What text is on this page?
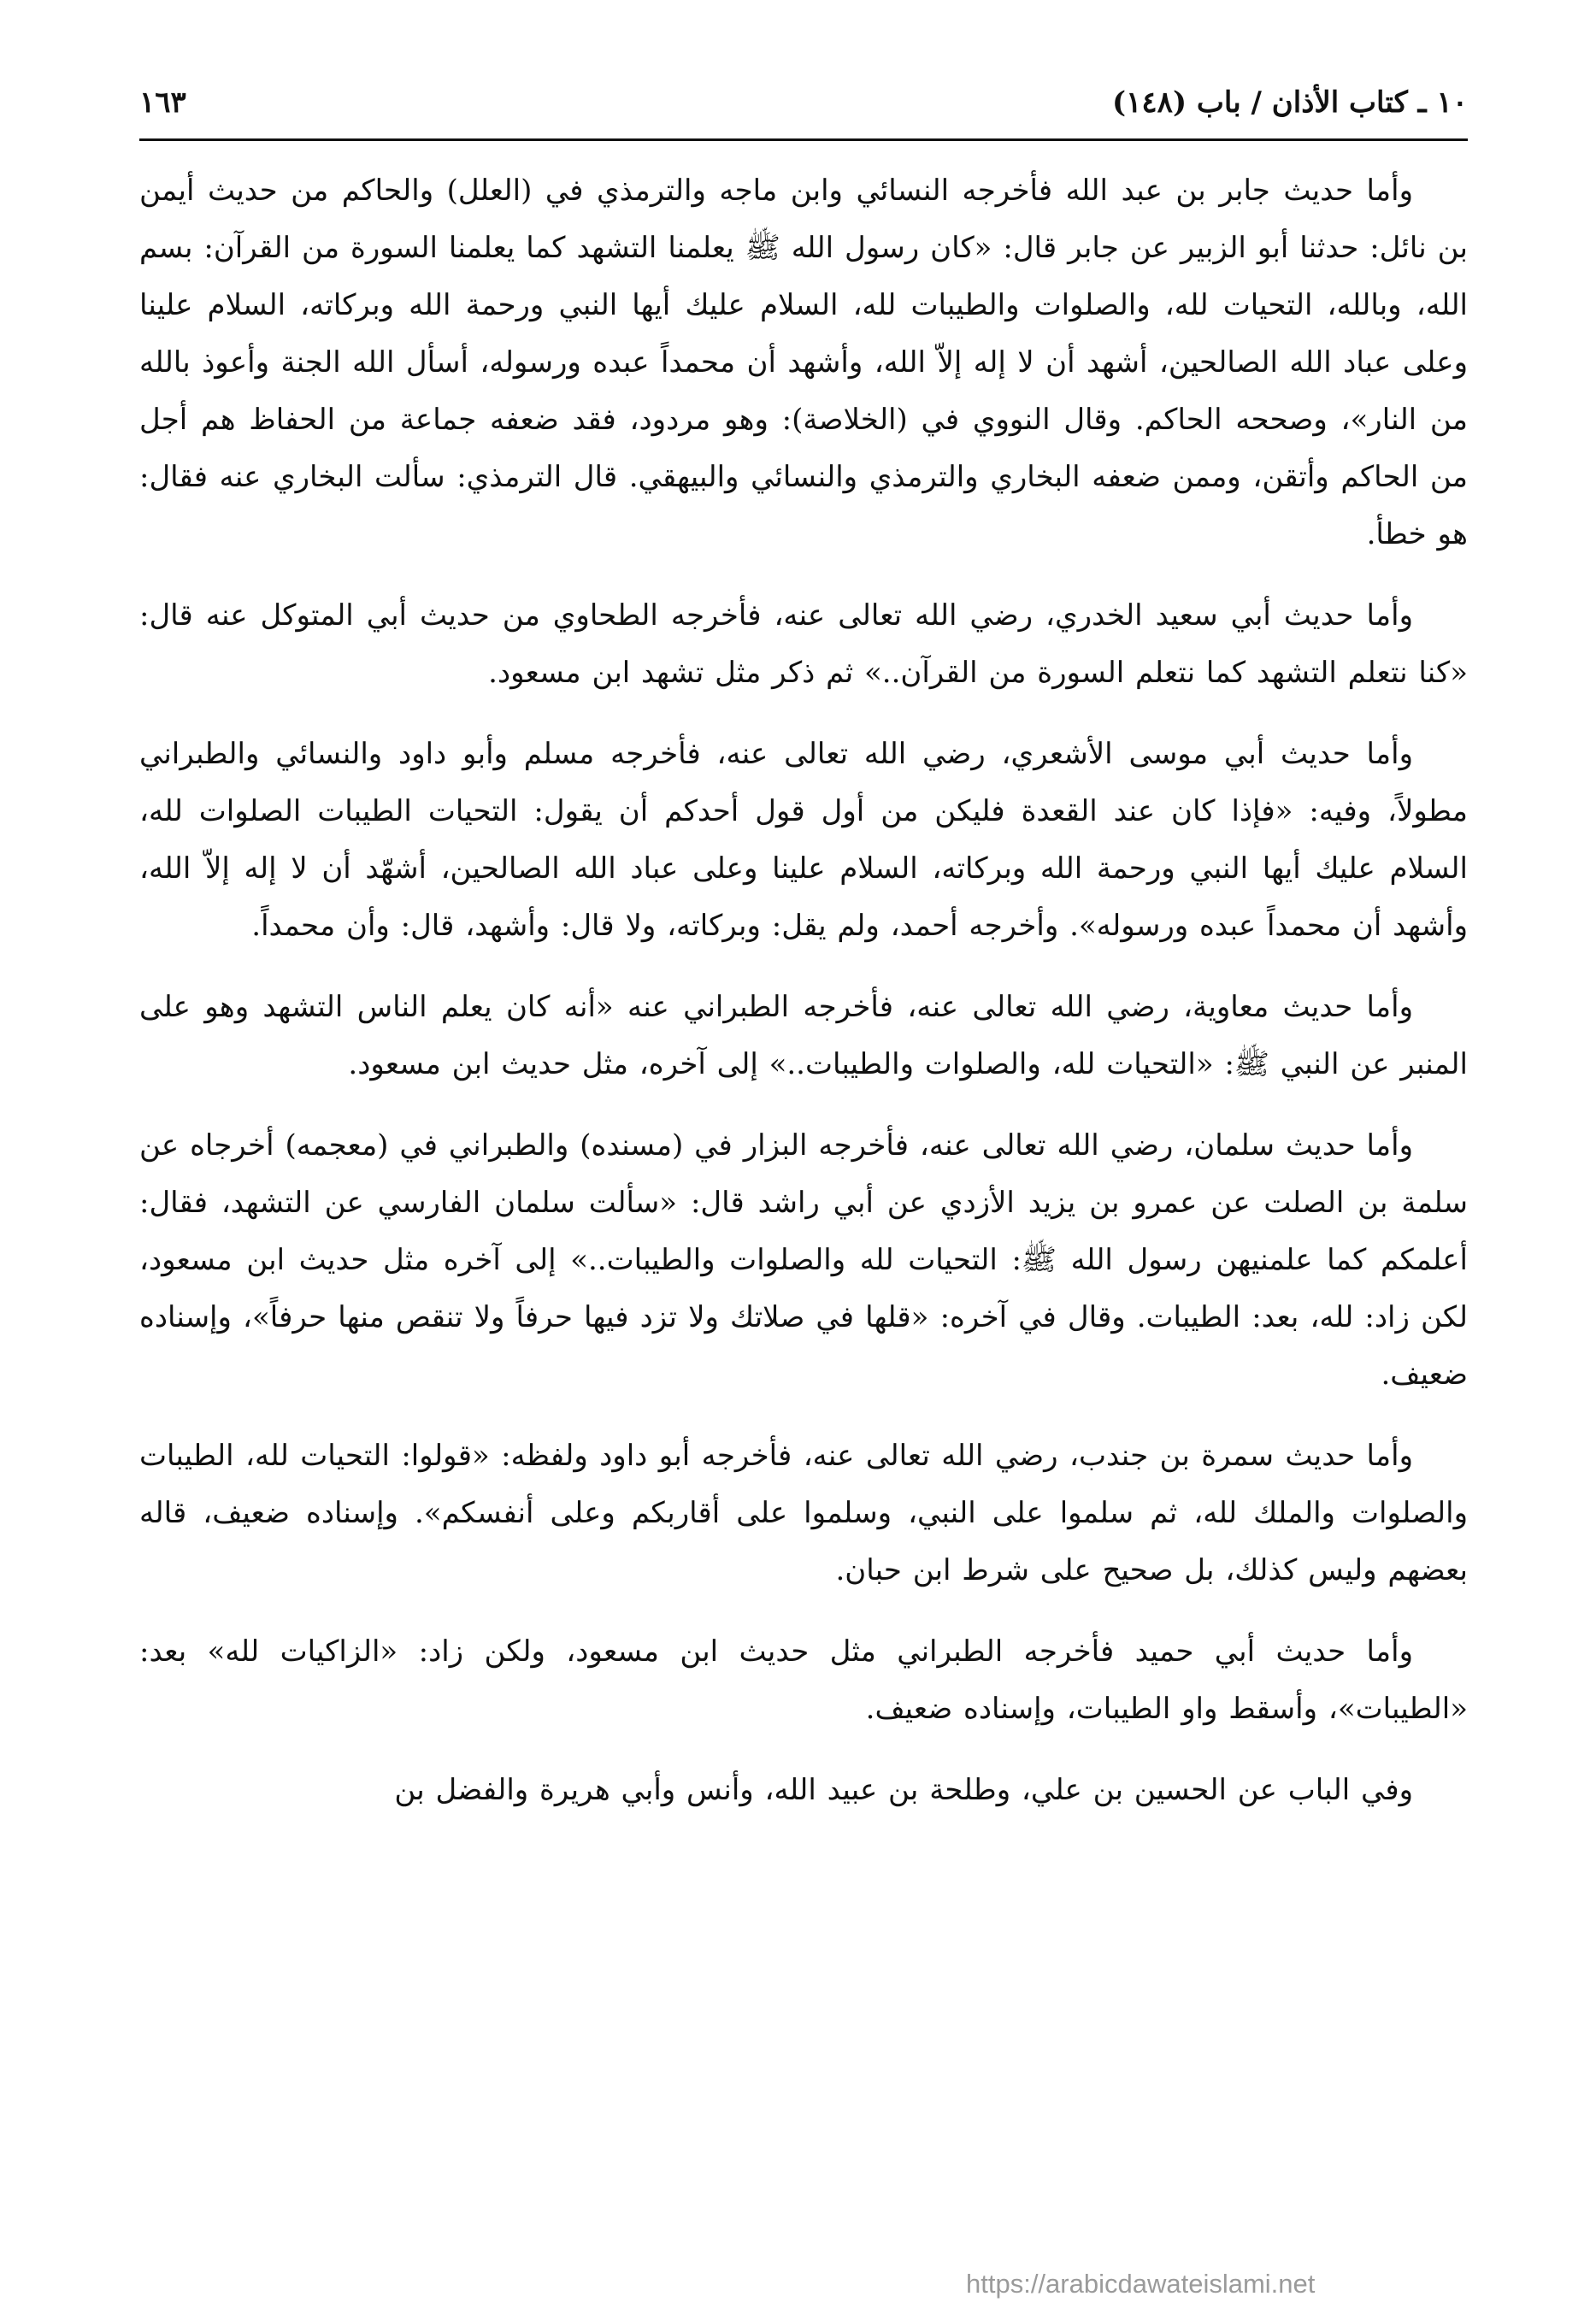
١٠ ـ كتاب الأذان / باب (١٤٨)
١٦٣

وأما حديث جابر بن عبد الله فأخرجه النسائي وابن ماجه والترمذي في (العلل) والحاكم من حديث أيمن بن نائل: حدثنا أبو الزبير عن جابر قال: «كان رسول الله ﷺ يعلمنا التشهد كما يعلمنا السورة من القرآن: بسم الله، وبالله، التحيات لله، والصلوات والطيبات لله، السلام عليك أيها النبي ورحمة الله وبركاته، السلام علينا وعلى عباد الله الصالحين، أشهد أن لا إله إلاّ الله، وأشهد أن محمداً عبده ورسوله، أسأل الله الجنة وأعوذ بالله من النار»، وصححه الحاكم. وقال النووي في (الخلاصة): وهو مردود، فقد ضعفه جماعة من الحفاظ هم أجل من الحاكم وأتقن، وممن ضعفه البخاري والترمذي والنسائي والبيهقي. قال الترمذي: سألت البخاري عنه فقال: هو خطأ.

وأما حديث أبي سعيد الخدري، رضي الله تعالى عنه، فأخرجه الطحاوي من حديث أبي المتوكل عنه قال: «كنا نتعلم التشهد كما نتعلم السورة من القرآن..» ثم ذكر مثل تشهد ابن مسعود.

وأما حديث أبي موسى الأشعري، رضي الله تعالى عنه، فأخرجه مسلم وأبو داود والنسائي والطبراني مطولاً، وفيه: «فإذا كان عند القعدة فليكن من أول قول أحدكم أن يقول: التحيات الطيبات الصلوات لله، السلام عليك أيها النبي ورحمة الله وبركاته، السلام علينا وعلى عباد الله الصالحين، أشهّد أن لا إله إلاّ الله، وأشهد أن محمداً عبده ورسوله». وأخرجه أحمد، ولم يقل: وبركاته، ولا قال: وأشهد، قال: وأن محمداً.

وأما حديث معاوية، رضي الله تعالى عنه، فأخرجه الطبراني عنه «أنه كان يعلم الناس التشهد وهو على المنبر عن النبي ﷺ: «التحيات لله، والصلوات والطيبات..» إلى آخره، مثل حديث ابن مسعود.

وأما حديث سلمان، رضي الله تعالى عنه، فأخرجه البزار في (مسنده) والطبراني في (معجمه) أخرجاه عن سلمة بن الصلت عن عمرو بن يزيد الأزدي عن أبي راشد قال: «سألت سلمان الفارسي عن التشهد، فقال: أعلمكم كما علمنيهن رسول الله ﷺ: التحيات لله والصلوات والطيبات..» إلى آخره مثل حديث ابن مسعود، لكن زاد: لله، بعد: الطيبات. وقال في آخره: «قلها في صلاتك ولا تزد فيها حرفاً ولا تنقص منها حرفاً»، وإسناده ضعيف.

وأما حديث سمرة بن جندب، رضي الله تعالى عنه، فأخرجه أبو داود ولفظه: «قولوا: التحيات لله، الطيبات والصلوات والملك لله، ثم سلموا على النبي، وسلموا على أقاربكم وعلى أنفسكم». وإسناده ضعيف، قاله بعضهم وليس كذلك، بل صحيح على شرط ابن حبان.

وأما حديث أبي حميد فأخرجه الطبراني مثل حديث ابن مسعود، ولكن زاد: «الزاكيات لله» بعد: «الطيبات»، وأسقط واو الطيبات، وإسناده ضعيف.

وفي الباب عن الحسين بن علي، وطلحة بن عبيد الله، وأنس وأبي هريرة والفضل بن

https://arabicdawateislami.net
